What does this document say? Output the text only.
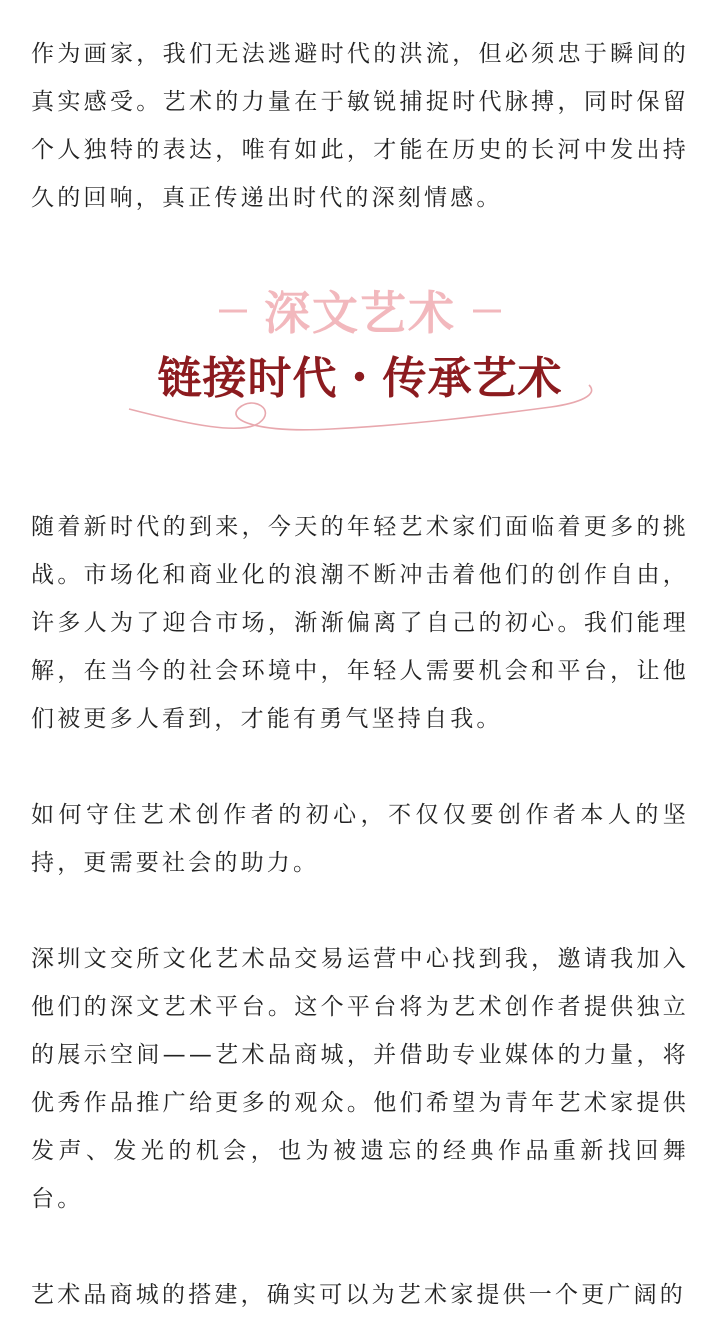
作为画家，我们无法逃避时代的洪流，但必须忠于瞬间的真实感受。艺术的力量在于敏锐捕捉时代脉搏，同时保留个人独特的表达，唯有如此，才能在历史的长河中发出持久的回响，真正传递出时代的深刻情感。

深文艺术
链接时代・传承艺术

随着新时代的到来，今天的年轻艺术家们面临着更多的挑战。市场化和商业化的浪潮不断冲击着他们的创作自由，许多人为了迎合市场，渐渐偏离了自己的初心。我们能理解，在当今的社会环境中，年轻人需要机会和平台，让他们被更多人看到，才能有勇气坚持自我。

如何守住艺术创作者的初心，不仅仅要创作者本人的坚持，更需要社会的助力。

深圳文交所文化艺术品交易运营中心找到我，邀请我加入他们的深文艺术平台。这个平台将为艺术创作者提供独立的展示空间——艺术品商城，并借助专业媒体的力量，将优秀作品推广给更多的观众。他们希望为青年艺术家提供发声、发光的机会，也为被遗忘的经典作品重新找回舞台。

艺术品商城的搭建，确实可以为艺术家提供一个更广阔的
